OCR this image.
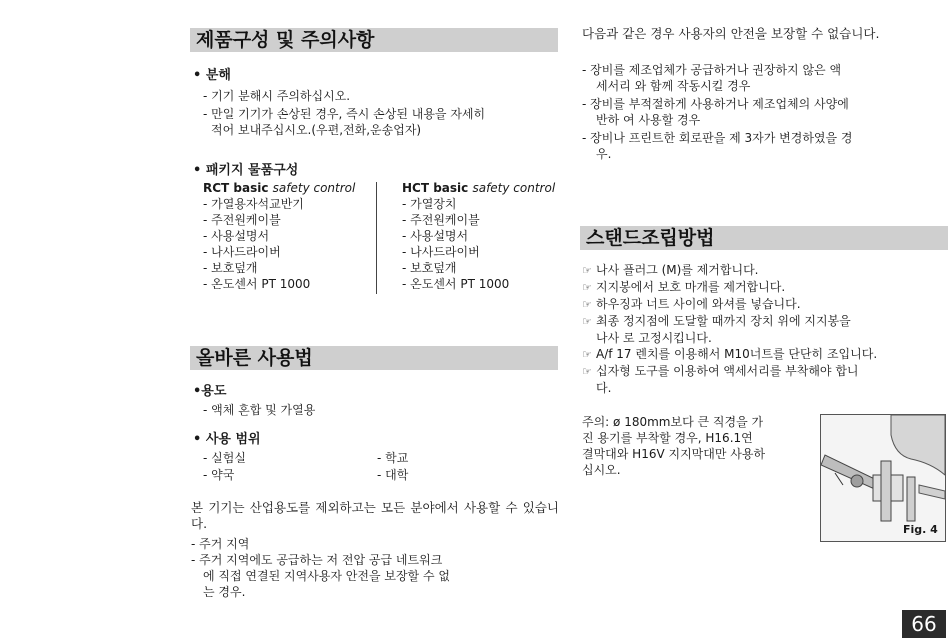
제품구성 및 주의사항
• 분해
- 기기 분해시 주의하십시오.
- 만일 기기가 손상된 경우, 즉시 손상된 내용을 자세히
적어 보내주십시오.(우편,전화,운송업자)
• 패키지 물품구성
RCT basic safety control
- 가열용자석교반기
- 주전원케이블
- 사용설명서
- 나사드라이버
- 보호덮개
- 온도센서 PT 1000
HCT basic safety control
- 가열장치
- 주전원케이블
- 사용설명서
- 나사드라이버
- 보호덮개
- 온도센서 PT 1000
올바른 사용법
•용도
- 액체 혼합 및 가열용
• 사용 범위
- 실험실
- 약국
- 학교
- 대학
본 기기는 산업용도를 제외하고는 모든 분야에서 사용할 수 있습니다.
- 주거 지역
- 주거 지역에도 공급하는 저 전압 공급 네트워크
에 직접 연결된 지역사용자 안전을 보장할 수 없
는 경우.
다음과 같은 경우 사용자의 안전을 보장할 수 없습니다.
- 장비를 제조업체가 공급하거나 권장하지 않은 액
세서리 와 함께 작동시킬 경우
- 장비를 부적절하게 사용하거나 제조업체의 사양에
반하 여 사용할 경우
- 장비나 프린트한 회로판을 제 3자가 변경하였을 경
우.
스탠드조립방법
☞ 나사 플러그 (M)를 제거합니다.
☞ 지지봉에서 보호 마개를 제거합니다.
☞ 하우징과 너트 사이에 와셔를 넣습니다.
☞ 최종 정지점에 도달할 때까지 장치 위에 지지봉을
나사 로 고정시킵니다.
☞ A/f 17 렌치를 이용해서 M10너트를 단단히 조입니다.
☞ 십자형 도구를 이용하여 액세서리를 부착해야 합니
다.
주의: ø 180mm보다 큰 직경을 가
진 용기를 부착할 경우, H16.1연
결막대와 H16V 지지막대만 사용하
십시오.
Fig. 4
66
